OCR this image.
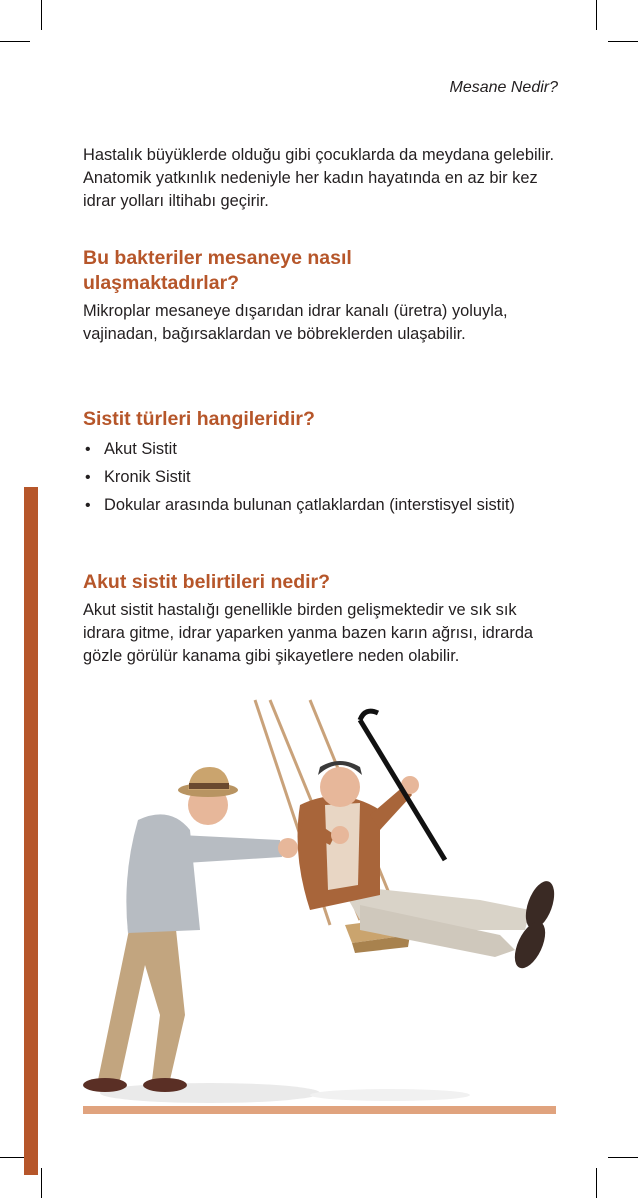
Mesane Nedir?

Hastalık büyüklerde olduğu gibi çocuklarda da meydana gelebilir. Anatomik yatkınlık nedeniyle her kadın hayatında en az bir kez idrar yolları iltihabı geçirir.

Bu bakteriler mesaneye nasıl ulaşmaktadırlar?

Mikroplar mesaneye dışarıdan idrar kanalı (üretra) yoluyla, vajinadan, bağırsaklardan ve böbreklerden ulaşabilir.

Sistit türleri hangileridir?
• Akut Sistit
• Kronik Sistit
• Dokular arasında bulunan çatlaklardan (interstisyel sistit)
Akut sistit belirtileri nedir?

Akut sistit hastalığı genellikle birden gelişmektedir ve sık sık idrara gitme, idrar yaparken yanma bazen karın ağrısı, idrarda gözle görülür kanama gibi şikayetlere neden olabilir.
